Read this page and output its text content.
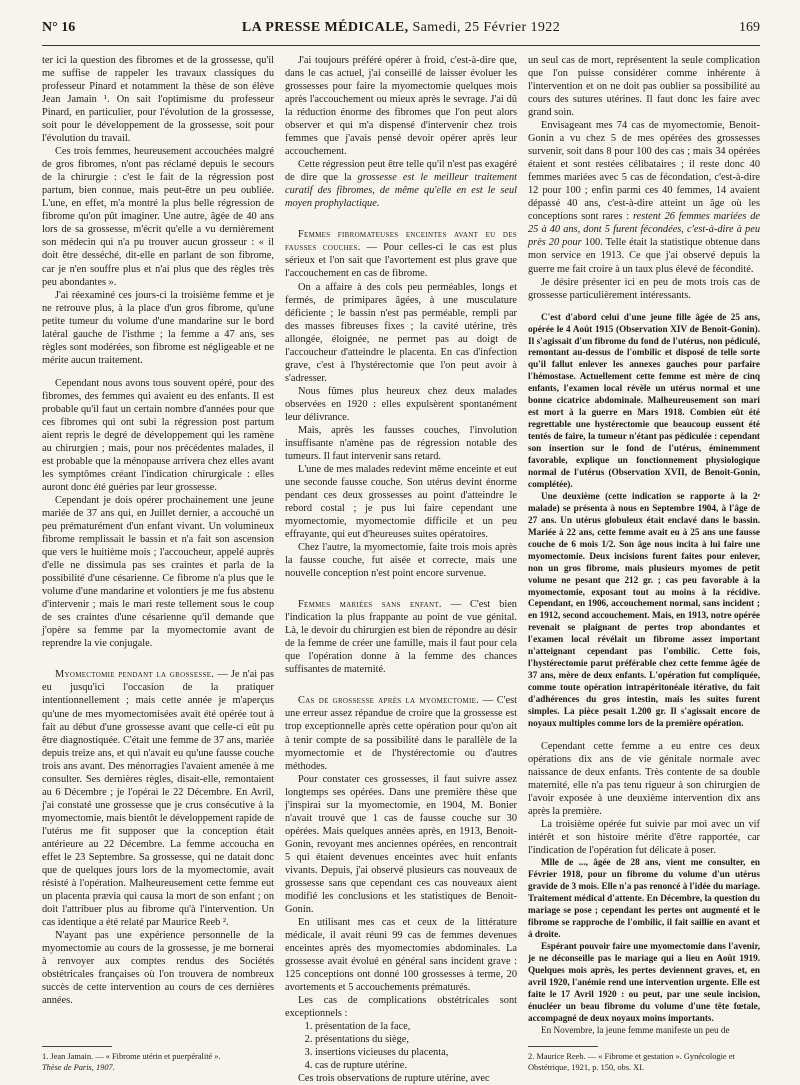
N° 16	LA PRESSE MÉDICALE, Samedi, 25 Février 1922	169

ter ici la question des fibromes et de la grossesse, qu'il me suffise de rappeler les travaux classiques du professeur Pinard et notamment la thèse de son élève Jean Jamain ¹. On sait l'optimisme du professeur Pinard, en particulier, pour l'évolution de la grossesse, soit pour le développement de la grossesse, soit pour l'évolution du travail.

Ces trois femmes, heureusement accouchées malgré de gros fibromes, n'ont pas réclamé depuis le secours de la chirurgie : c'est le fait de la régression post partum, bien connue, mais peut-être un peu oubliée. L'une, en effet, m'a montré la plus belle régression de fibrome qu'on pût imaginer. Une autre, âgée de 40 ans lors de sa grossesse, m'écrit qu'elle a vu dernièrement son médecin qui n'a pu trouver aucun grosseur : « il doit être desséché, dit-elle en parlant de son fibrome, car je n'en souffre plus et n'ai plus que des règles très peu abondantes ».

J'ai réexaminé ces jours-ci la troisième femme et je ne retrouve plus, à la place d'un gros fibrome, qu'une petite tumeur du volume d'une mandarine sur le bord latéral gauche de l'isthme ; la femme a 47 ans, ses règles sont modérées, son fibrome est négligeable et ne mérite aucun traitement.

Cependant nous avons tous souvent opéré, pour des fibromes, des femmes qui avaient eu des enfants. Il est probable qu'il faut un certain nombre d'années pour que ces fibromes qui ont subi la régression post partum aient repris le degré de développement qui les ramène au chirurgien ; mais, pour nos précédentes malades, il est probable que la ménopause arrivera chez elles avant les symptômes créant l'indication chirurgicale : elles auront donc été guéries par leur grossesse.

Cependant je dois opérer prochainement une jeune mariée de 37 ans qui, en Juillet dernier, a accouché un peu prématurément d'un enfant vivant. Un volumineux fibrome remplissait le bassin et n'a fait son ascension que vers le huitième mois ; l'accoucheur, appelé auprès d'elle ne dissimula pas ses craintes et parla de la possibilité d'une césarienne. Ce fibrome n'a plus que le volume d'une mandarine et volontiers je me fus abstenu d'intervenir ; mais le mari reste tellement sous le coup de ses craintes d'une césarienne qu'il demande que j'opère sa femme par la myomectomie avant de reprendre la vie conjugale.

Myomectomie pendant la grossesse. — Je n'ai pas eu jusqu'ici l'occasion de la pratiquer intentionnellement ; mais cette année je m'aperçus qu'une de mes myomectomisées avait été opérée tout à fait au début d'une grossesse avant que celle-ci eût pu être diagnostiquée. C'était une femme de 37 ans, mariée depuis treize ans, et qui n'avait eu qu'une fausse couche trois ans avant. Des ménorragies l'avaient amenée à me consulter. Ses dernières règles, disait-elle, remontaient au 6 Décembre ; je l'opérai le 22 Décembre. En Avril, j'ai constaté une grossesse que je crus consécutive à la myomectomie, mais bientôt le développement rapide de l'utérus me fit supposer que la conception était antérieure au 22 Décembre. La femme accoucha en effet le 23 Septembre. Sa grossesse, qui ne datait donc que de quelques jours lors de la myomectomie, avait résisté à l'opération. Malheureusement cette femme eut un placenta prævia qui causa la mort de son enfant ; on doit l'attribuer plus au fibrome qu'à l'intervention. Un cas identique a été relaté par Maurice Reeb ².

N'ayant pas une expérience personnelle de la myomectomie au cours de la grossesse, je me bornerai à renvoyer aux comptes rendus des Sociétés obstétricales françaises où l'on trouvera de nombreux succès de cette intervention au cours de ces dernières années.

J'ai toujours préféré opérer à froid, c'est-à-dire que, dans le cas actuel, j'ai conseillé de laisser évoluer les grossesses pour faire la myomectomie quelques mois après l'accouchement ou mieux après le sevrage. J'ai dû la réduction énorme des fibromes que l'on peut alors observer et qui m'a dispensé d'intervenir chez trois femmes que j'avais pensé devoir opérer après leur accouchement.

Cette régression peut être telle qu'il n'est pas exagéré de dire que la grossesse est le meilleur traitement curatif des fibromes, de même qu'elle en est le seul moyen prophylactique.

Femmes fibromateuses enceintes avant eu des fausses couches. — Pour celles-ci le cas est plus sérieux et l'on sait que l'avortement est plus grave que l'accouchement en cas de fibrome.

On a affaire à des cols peu perméables, longs et fermés, de primipares âgées, à une musculature déficiente ; le bassin n'est pas perméable, rempli par des masses fibreuses fixes ; la cavité utérine, très allongée, éloignée, ne permet pas au doigt de l'accoucheur d'atteindre le placenta. En cas d'infection grave, c'est à l'hystérectomie que l'on peut avoir à s'adresser.

Nous fûmes plus heureux chez deux malades observées en 1920 : elles expulsèrent spontanément leur délivrance.

Mais, après les fausses couches, l'involution insuffisante n'amène pas de régression notable des tumeurs. Il faut intervenir sans retard.

L'une de mes malades redevint même enceinte et eut une seconde fausse couche. Son utérus devint énorme pendant ces deux grossesses au point d'atteindre le rebord costal ; je pus lui faire cependant une myomectomie, myomectomie difficile et un peu effrayante, qui eut d'heureuses suites opératoires.

Chez l'autre, la myomectomie, faite trois mois après la fausse couche, fut aisée et correcte, mais une nouvelle conception n'est point encore survenue.

Femmes mariées sans enfant. — C'est bien l'indication la plus frappante au point de vue génital. Là, le devoir du chirurgien est bien de répondre au désir de la femme de créer une famille, mais il faut pour cela que l'opération donne à la femme des chances suffisantes de maternité.

Cas de grossesse après la myomectomie. — C'est une erreur assez répandue de croire que la grossesse est trop exceptionnelle après cette opération pour qu'on ait à tenir compte de sa possibilité dans le parallèle de la myomectomie et de l'hystérectomie ou d'autres méthodes.

Pour constater ces grossesses, il faut suivre assez longtemps ses opérées. Dans une première thèse que j'inspirai sur la myomectomie, en 1904, M. Bonier n'avait trouvé que 1 cas de fausse couche sur 30 opérées. Mais quelques années après, en 1913, Benoit-Gonin, revoyant mes anciennes opérées, en rencontrait 5 qui étaient devenues enceintes avec huit enfants vivants. Depuis, j'ai observé plusieurs cas nouveaux de grossesse sans que cependant ces cas nouveaux aient modifié les conclusions et les statistiques de Benoit-Gonin.

En utilisant mes cas et ceux de la littérature médicale, il avait réuni 99 cas de femmes devenues enceintes après des myomectomies abdominales. La grossesse avait évolué en général sans incident grave : 125 conceptions ont donné 100 grossesses à terme, 20 avortements et 5 accouchements prématurés.

Les cas de complications obstétricales sont exceptionnels :

1. présentation de la face,
2. présentations du siège,
3. insertions vicieuses du placenta,
4. cas de rupture utérine.

Ces trois observations de rupture utérine, avec

un seul cas de mort, représentent la seule complication que l'on puisse considérer comme inhérente à l'intervention et on ne doit pas oublier sa possibilité au cours des sutures utérines. Il faut donc les faire avec grand soin.

Envisageant mes 74 cas de myomectomie, Benoit-Gonin a vu chez 5 de mes opérées des grossesses survenir, soit dans 8 pour 100 des cas ; mais 34 opérées étaient et sont restées célibataires ; il reste donc 40 femmes mariées avec 5 cas de fécondation, c'est-à-dire 12 pour 100 ; enfin parmi ces 40 femmes, 14 avaient dépassé 40 ans, c'est-à-dire atteint un âge où les conceptions sont rares : restent 26 femmes mariées de 25 à 40 ans, dont 5 furent fécondées, c'est-à-dire à peu près 20 pour 100. Telle était la statistique obtenue dans mon service en 1913. Ce que j'ai observé depuis la guerre me fait croire à un taux plus élevé de fécondité.

Je désire présenter ici en peu de mots trois cas de grossesse particulièrement intéressants.

C'est d'abord celui d'une jeune fille âgée de 25 ans, opérée le 4 Août 1915 (Observation XIV de Benoit-Gonin). Il s'agissait d'un fibrome du fond de l'utérus, non pédiculé, remontant au-dessus de l'ombilic et disposé de telle sorte qu'il fallut enlever les annexes gauches pour parfaire l'hémostase. Actuellement cette femme est mère de cinq enfants, l'examen local révèle un utérus normal et une bonne cicatrice abdominale. Malheureusement son mari est mort à la guerre en Mars 1918. Combien eût été regrettable une hystérectomie que beaucoup eussent été tentés de faire, la tumeur n'étant pas pédiculée : cependant son insertion sur le fond de l'utérus, éminemment favorable, explique un fonctionnement physiologique normal de l'utérus (Observation XVII, de Benoit-Gonin, complétée).

Une deuxième (cette indication se rapporte à la 2ᵉ malade) se présenta à nous en Septembre 1904, à l'âge de 27 ans. Un utérus globuleux était enclavé dans le bassin. Mariée à 22 ans, cette femme avait eu à 25 ans une fausse couche de 6 mois 1/2. Son âge nous incita à lui faire une myomectomie. Deux incisions furent faites pour enlever, non un gros fibrome, mais plusieurs myomes de petit volume ne pesant que 212 gr. ; cas peu favorable à la myomectomie, exposant tout au moins à la récidive. Cependant, en 1906, accouchement normal, sans incident ; en 1912, second accouchement. Mais, en 1913, notre opérée revenait se plaignant de pertes trop abondantes et l'examen local révélait un fibrome assez important n'atteignant cependant pas l'ombilic. Cette fois, l'hystérectomie parut préférable chez cette femme âgée de 37 ans, mère de deux enfants. L'opération fut compliquée, comme toute opération intrapéritonéale itérative, du fait d'adhérences du gros intestin, mais les suites furent simples. La pièce pesait 1.200 gr. Il s'agissait encore de noyaux multiples comme lors de la première opération.

Cependant cette femme a eu entre ces deux opérations dix ans de vie génitale normale avec naissance de deux enfants. Très contente de sa double maternité, elle n'a pas tenu rigueur à son chirurgien de l'avoir exposée à une deuxième intervention dix ans après la première.

La troisième opérée fut suivie par moi avec un vif intérêt et son histoire mérite d'être rapportée, car l'indication de l'opération fut délicate à poser.

Mlle de ..., âgée de 28 ans, vient me consulter, en Février 1918, pour un fibrome du volume d'un utérus gravide de 3 mois. Elle n'a pas renoncé à l'idée du mariage. Traitement médical d'attente. En Décembre, la question du mariage se pose ; cependant les pertes ont augmenté et le fibrome se rapproche de l'ombilic, il fait saillie en avant et à droite.

Espérant pouvoir faire une myomectomie dans l'avenir, je ne déconseille pas le mariage qui a lieu en Août 1919. Quelques mois après, les pertes deviennent graves, et, en avril 1920, l'anémie rend une intervention urgente. Elle est faite le 17 Avril 1920 : ou peut, par une seule incision, énucléer un beau fibrome du volume d'une tête fœtale, accompagné de deux noyaux moins importants.

En Novembre, la jeune femme manifeste un peu de

1. Jean Jamain. — « Fibrome utérin et puerpéralité ».
Thèse de Paris, 1907.
2. Maurice Reeb. — « Fibrome et gestation ». Gynécologie et Obstétrique, 1921, p. 150, obs. XI.
